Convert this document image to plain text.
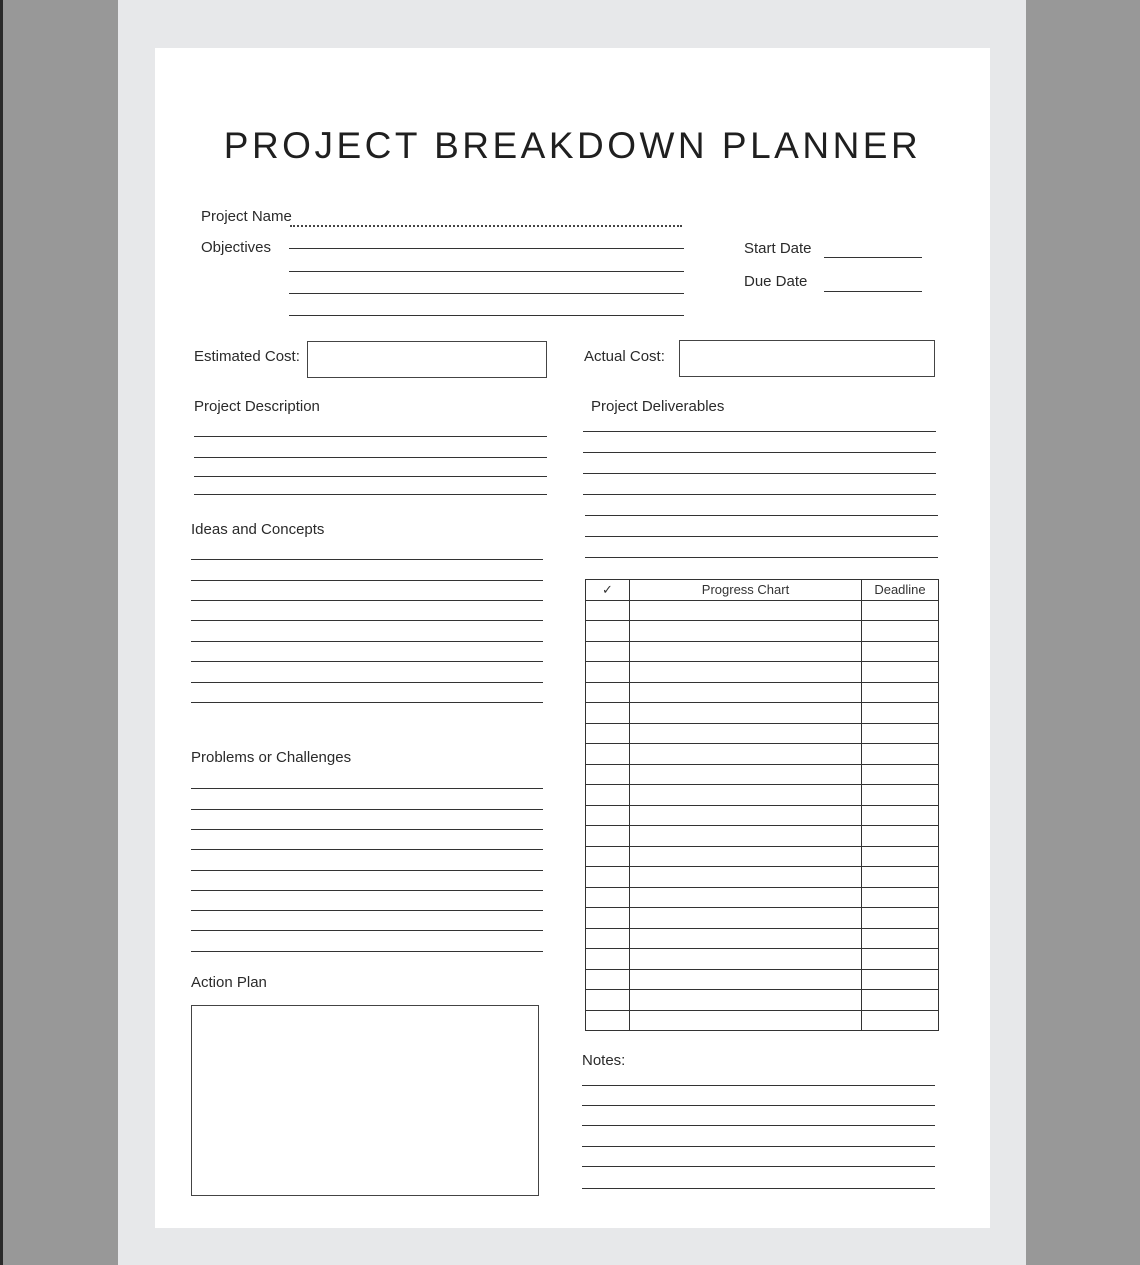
PROJECT BREAKDOWN PLANNER
Project Name
Objectives	Start Date
Due Date
Estimated Cost:	Actual Cost:
Project Description	Project Deliverables
Ideas and Concepts
Problems or Challenges
Action Plan
✓	Progress Chart	Deadline

Notes:
